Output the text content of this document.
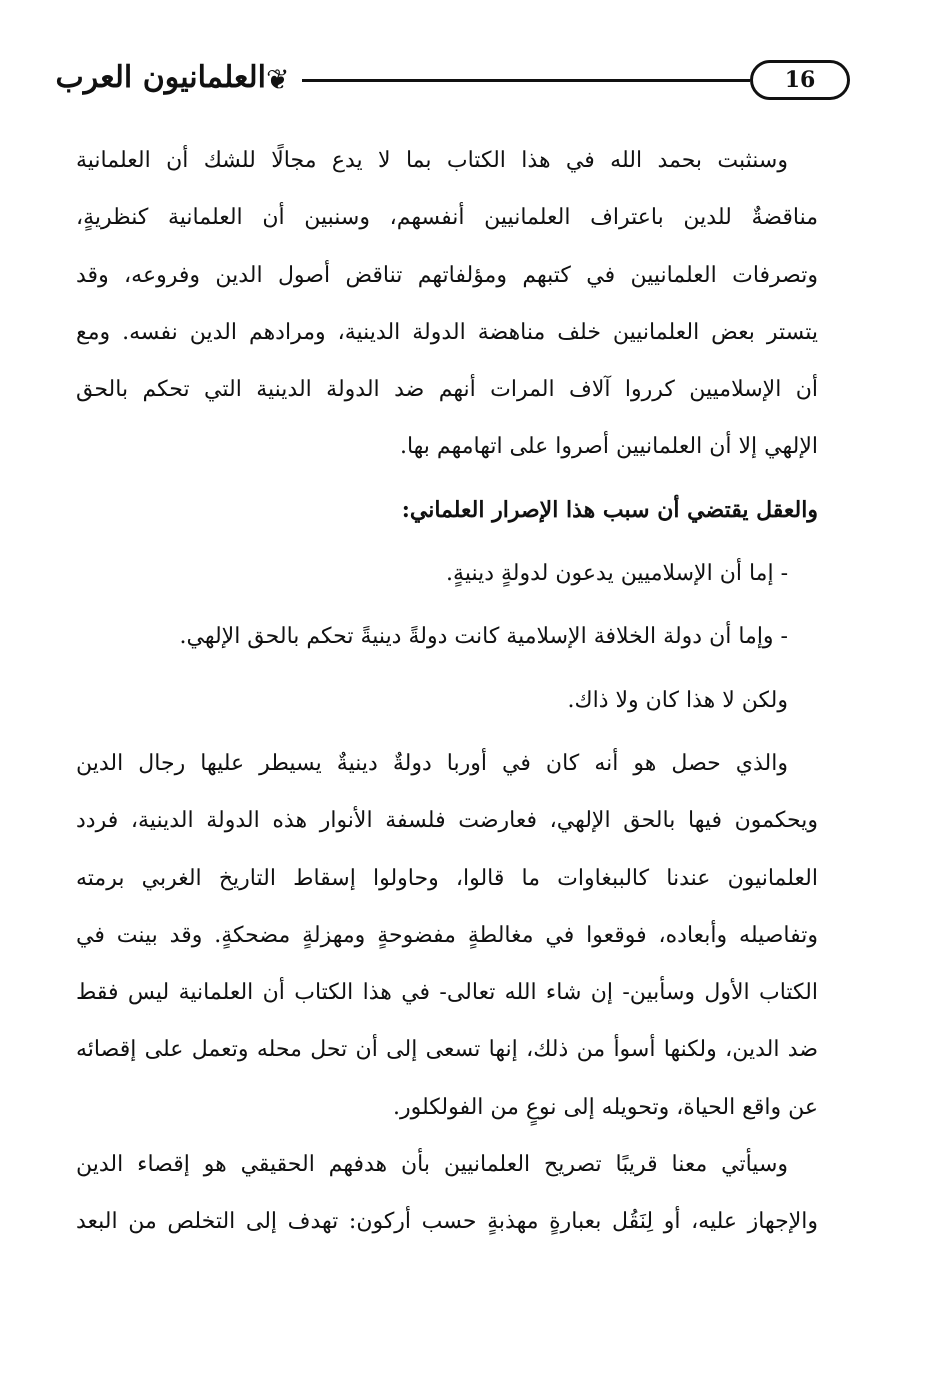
العلمانيون العرب ❦	16
وسنثبت بحمد الله في هذا الكتاب بما لا يدع مجالًا للشك أن العلمانية
مناقضةٌ للدين باعتراف العلمانيين أنفسهم، وسنبين أن العلمانية كنظريةٍ،
وتصرفات العلمانيين في كتبهم ومؤلفاتهم تناقض أصول الدين وفروعه، وقد
يتستر بعض العلمانيين خلف مناهضة الدولة الدينية، ومرادهم الدين نفسه. ومع
أن الإسلاميين كرروا آلاف المرات أنهم ضد الدولة الدينية التي تحكم بالحق
الإلهي إلا أن العلمانيين أصروا على اتهامهم بها.
والعقل يقتضي أن سبب هذا الإصرار العلماني:
- إما أن الإسلاميين يدعون لدولةٍ دينيةٍ.
- وإما أن دولة الخلافة الإسلامية كانت دولةً دينيةً تحكم بالحق الإلهي.
ولكن لا هذا كان ولا ذاك.
والذي حصل هو أنه كان في أوربا دولةٌ دينيةٌ يسيطر عليها رجال الدين
ويحكمون فيها بالحق الإلهي، فعارضت فلسفة الأنوار هذه الدولة الدينية، فردد
العلمانيون عندنا كالببغاوات ما قالوا، وحاولوا إسقاط التاريخ الغربي برمته
وتفاصيله وأبعاده، فوقعوا في مغالطةٍ مفضوحةٍ ومهزلةٍ مضحكةٍ. وقد بينت في
الكتاب الأول وسأبين- إن شاء الله تعالى- في هذا الكتاب أن العلمانية ليس فقط
ضد الدين، ولكنها أسوأ من ذلك، إنها تسعى إلى أن تحل محله وتعمل على إقصائه
عن واقع الحياة، وتحويله إلى نوعٍ من الفولكلور.
وسيأتي معنا قريبًا تصريح العلمانيين بأن هدفهم الحقيقي هو إقصاء الدين
والإجهاز عليه، أو لِنَقُل بعبارةٍ مهذبةٍ حسب أركون: تهدف إلى التخلص من البعد
